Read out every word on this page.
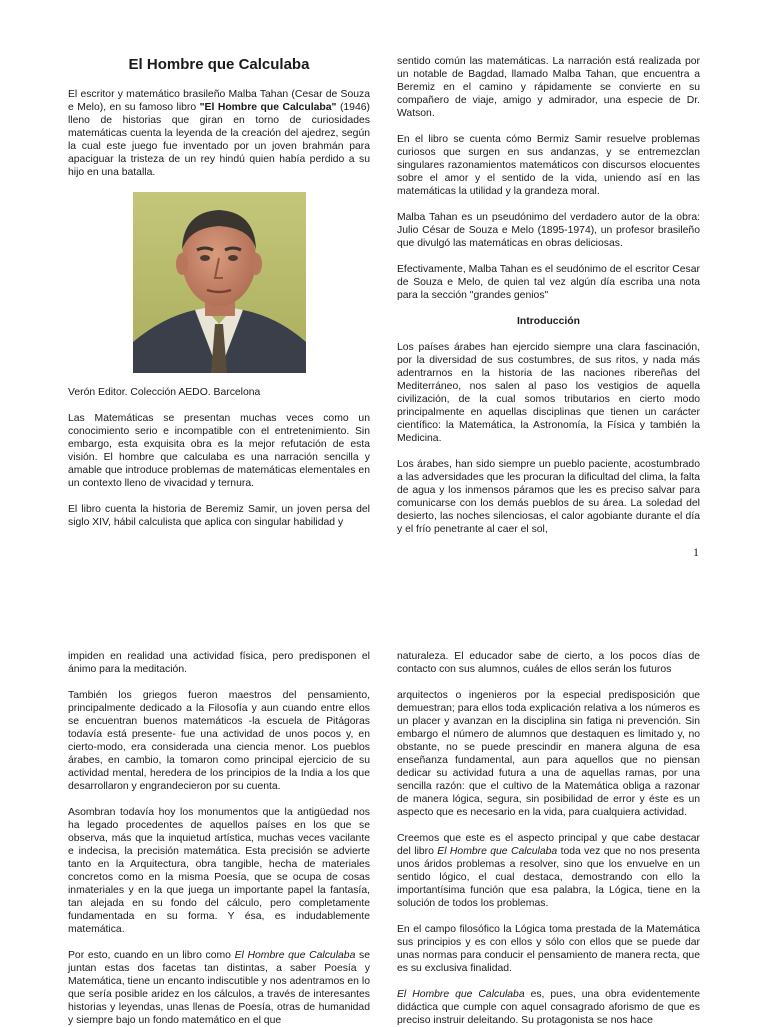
El Hombre que Calculaba

El escritor y matemático brasileño Malba Tahan (Cesar de Souza e Melo), en su famoso libro "El Hombre que Calculaba" (1946) lleno de historias que giran en torno de curiosidades matemáticas cuenta la leyenda de la creación del ajedrez, según la cual este juego fue inventado por un joven brahmán para apaciguar la tristeza de un rey hindú quien había perdido a su hijo en una batalla.

Verón Editor. Colección AEDO. Barcelona

Las Matemáticas se presentan muchas veces como un conocimiento serio e incompatible con el entretenimiento. Sin embargo, esta exquisita obra es la mejor refutación de esta visión. El hombre que calculaba es una narración sencilla y amable que introduce problemas de matemáticas elementales en un contexto lleno de vivacidad y ternura.

El libro cuenta la historia de Beremiz Samir, un joven persa del siglo XIV, hábil calculista que aplica con singular habilidad y

sentido común las matemáticas. La narración está realizada por un notable de Bagdad, llamado Malba Tahan, que encuentra a Beremiz en el camino y rápidamente se convierte en su compañero de viaje, amigo y admirador, una especie de Dr. Watson.

En el libro se cuenta cómo Bermiz Samir resuelve problemas curiosos que surgen en sus andanzas, y se entremezclan singulares razonamientos matemáticos con discursos elocuentes sobre el amor y el sentido de la vida, uniendo así en las matemáticas la utilidad y la grandeza moral.

Malba Tahan es un pseudónimo del verdadero autor de la obra: Julio César de Souza e Melo (1895-1974), un profesor brasileño que divulgó las matemáticas en obras deliciosas.

Efectivamente, Malba Tahan es el seudónimo de el escritor Cesar de Souza e Melo, de quien tal vez algún día escriba una nota para la sección "grandes genios"

Introducción

Los países árabes han ejercido siempre una clara fascinación, por la diversidad de sus costumbres, de sus ritos, y nada más adentrarnos en la historia de las naciones ribereñas del Mediterráneo, nos salen al paso los vestigios de aquella civilización, de la cual somos tributarios en cierto modo principalmente en aquellas disciplinas que tienen un carácter científico: la Matemática, la Astronomía, la Física y también la Medicina.

Los árabes, han sido siempre un pueblo paciente, acostumbrado a las adversidades que les procuran la dificultad del clima, la falta de agua y los inmensos páramos que les es preciso salvar para comunicarse con los demás pueblos de su área. La soledad del desierto, las noches silenciosas, el calor agobiante durante el día y el frío penetrante al caer el sol,

1

impiden en realidad una actividad física, pero predisponen el ánimo para la meditación.

También los griegos fueron maestros del pensamiento, principalmente dedicado a la Filosofía y aun cuando entre ellos se encuentran buenos matemáticos -la escuela de Pitágoras todavía está presente- fue una actividad de unos pocos y, en cierto-modo, era considerada una ciencia menor. Los pueblos árabes, en cambio, la tomaron como principal ejercicio de su actividad mental, heredera de los principios de la India a los que desarrollaron y engrandecieron por su cuenta.

Asombran todavía hoy los monumentos que la antigüedad nos ha legado procedentes de aquellos países en los que se observa, más que la inquietud artística, muchas veces vacilante e indecisa, la precisión matemática. Esta precisión se advierte tanto en la Arquitectura, obra tangible, hecha de materiales concretos como en la misma Poesía, que se ocupa de cosas inmateriales y en la que juega un importante papel la fantasía, tan alejada en su fondo del cálculo, pero completamente fundamentada en su forma. Y ésa, es indudablemente matemática.

Por esto, cuando en un libro como El Hombre que Calculaba se juntan estas dos facetas tan distintas, a saber Poesía y Matemática, tiene un encanto indiscutible y nos adentramos en lo que sería posible aridez en los cálculos, a través de interesantes historias y leyendas, unas llenas de Poesía, otras de humanidad y siempre bajo un fondo matemático en el que

naturaleza. El educador sabe de cierto, a los pocos días de contacto con sus alumnos, cuáles de ellos serán los futuros

arquitectos o ingenieros por la especial predisposición que demuestran; para ellos toda explicación relativa a los números es un placer y avanzan en la disciplina sin fatiga ni prevención. Sin embargo el número de alumnos que destaquen es limitado y, no obstante, no se puede prescindir en manera alguna de esa enseñanza fundamental, aun para aquellos que no piensan dedicar su actividad futura a una de aquellas ramas, por una sencilla razón: que el cultivo de la Matemática obliga a razonar de manera lógica, segura, sin posibilidad de error y éste es un aspecto que es necesario en la vida, para cualquiera actividad.

Creemos que este es el aspecto principal y que cabe destacar del libro El Hombre que Calculaba toda vez que no nos presenta unos áridos problemas a resolver, sino que los envuelve en un sentido lógico, el cual destaca, demostrando con ello la importantísima función que esa palabra, la Lógica, tiene en la solución de todos los problemas.

En el campo filosófico la Lógica toma prestada de la Matemática sus principios y es con ellos y sólo con ellos que se puede dar unas normas para conducir el pensamiento de manera recta, que es su exclusiva finalidad.

El Hombre que Calculaba es, pues, una obra evidentemente didáctica que cumple con aquel consagrado aforismo de que es preciso instruir deleitando. Su protagonista se nos hace
